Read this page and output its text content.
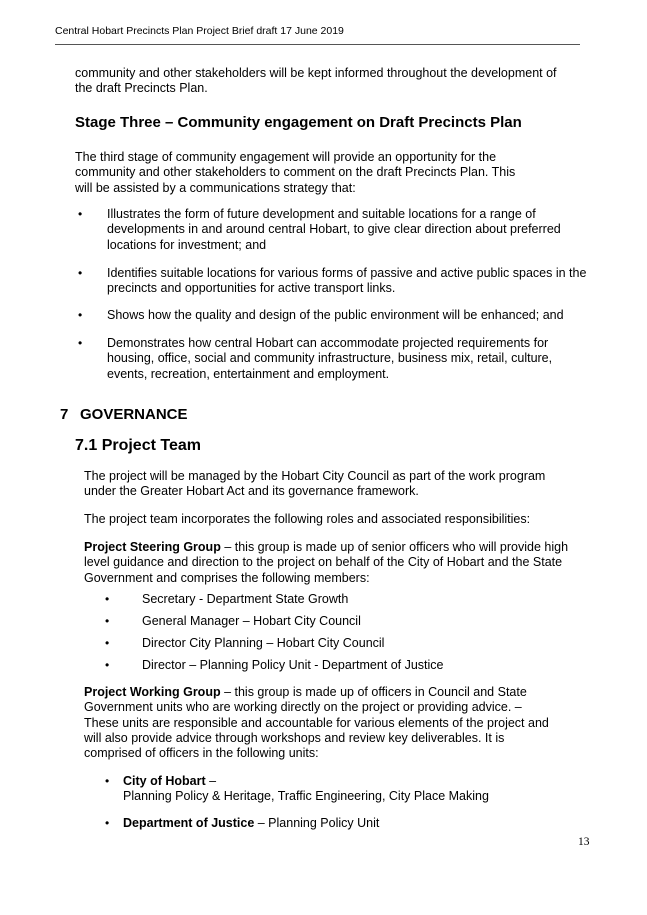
Central Hobart Precincts Plan Project Brief draft 17 June 2019
community and other stakeholders will be kept informed throughout the development of the draft Precincts Plan.
Stage Three – Community engagement on Draft Precincts Plan
The third stage of community engagement will provide an opportunity for the community and other stakeholders to comment on the draft Precincts Plan. This will be assisted by a communications strategy that:
• Illustrates the form of future development and suitable locations for a range of developments in and around central Hobart, to give clear direction about preferred locations for investment; and
• Identifies suitable locations for various forms of passive and active public spaces in the precincts and opportunities for active transport links.
• Shows how the quality and design of the public environment will be enhanced; and
• Demonstrates how central Hobart can accommodate projected requirements for housing, office, social and community infrastructure, business mix, retail, culture, events, recreation, entertainment and employment.
7 GOVERNANCE
7.1 Project Team
The project will be managed by the Hobart City Council as part of the work program under the Greater Hobart Act and its governance framework.
The project team incorporates the following roles and associated responsibilities:
Project Steering Group – this group is made up of senior officers who will provide high level guidance and direction to the project on behalf of the City of Hobart and the State Government and comprises the following members:
•	Secretary - Department State Growth
•	General Manager – Hobart City Council
•	Director City Planning – Hobart City Council
•	Director – Planning Policy Unit - Department of Justice
Project Working Group – this group is made up of officers in Council and State Government units who are working directly on the project or providing advice. – These units are responsible and accountable for various elements of the project and will also provide advice through workshops and review key deliverables. It is comprised of officers in the following units:
• City of Hobart –
Planning Policy & Heritage, Traffic Engineering, City Place Making
• Department of Justice – Planning Policy Unit
13
